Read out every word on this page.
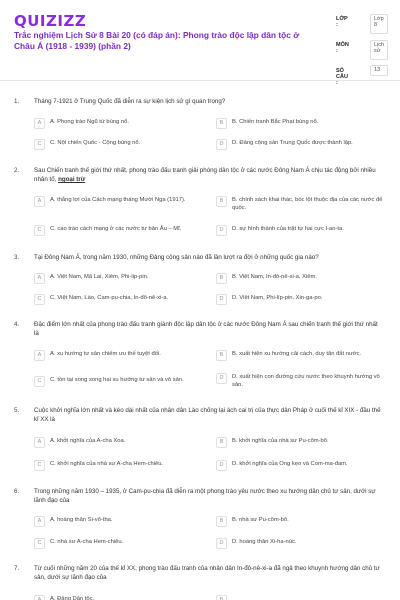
QUIZIZZ
Trắc nghiệm Lịch Sử 8 Bài 20 (có đáp án): Phong trào độc lập dân tộc ở Châu Á (1918 - 1939) (phần 2)
LỚP :
Lớp 8
MÔN :
Lịch sử
SỐ CÂU :
13
1. Tháng 7-1921 ở Trung Quốc đã diễn ra sự kiện lịch sử gì quan trọng?
A	A. Phong trào Ngũ tứ bùng nổ.	B	B. Chiến tranh Bắc Phạt bùng nổ.
C	C. Nội chiến Quốc - Cộng bùng nổ.	D	D. Đảng cộng sản Trung Quốc được thành lập.
2. Sau Chiến tranh thế giới thứ nhất, phong trào đấu tranh giải phóng dân tộc ở các nước Đông Nam Á chịu tác động bởi nhiều nhân tố, ngoại trừ
A	A. thắng lợi của Cách mạng tháng Mười Nga (1917).	B	B. chính sách khai thác, bóc lột thuộc địa của các nước đế quốc.
C	C. cao trào cách mạng ở các nước tư bản Âu – Mĩ.	D	D. sự hình thành của trật tự hai cực I-an-ta.
3. Tại Đông Nam Á, trong năm 1930, những Đảng cộng sản nào đã lần lượt ra đời ở những quốc gia nào?
A	A. Việt Nam, Mã Lai, Xiêm, Phi-lip-pin.	B	B. Việt Nam, In-đô-nê-xi-a, Xiêm.
C	C. Việt Nam, Lào, Cam-pu-chia, In-đô-nê-xi-a.	D	D. Việt Nam, Phi-líp-pin, Xin-ga-po.
4. Đặc điểm lớn nhất của phong trào đấu tranh giành độc lập dân tộc ở các nước Đông Nam Á sau chiến tranh thế giới thứ nhất là
A	A. xu hướng tư sản chiếm ưu thế tuyệt đối.	B	B. xuất hiện xu hướng cải cách, duy tân đất nước.
C	C. tồn tại song song hai xu hướng tư sản và vô sản.	D	D. xuất hiện con đường cứu nước theo khuynh hướng vô sản.
5. Cuộc khởi nghĩa lớn nhất và kéo dài nhất của nhân dân Lào chống lại ách cai trị của thực dân Pháp ở cuối thế kỉ XIX - đầu thế kỉ XX là
A	A. khởi nghĩa của A-cha Xoa.	B	B. khởi nghĩa của nhà sư Pu-côm-bô.
C	C. khởi nghĩa của nhà sư A-cha Hem-chiêu.	D	D. khởi nghĩa của Ong kẹo và Com-ma-đam.
6. Trong những năm 1930 – 1935, ở Cam-pu-chia đã diễn ra một phong trào yêu nước theo xu hướng dân chủ tư sản, dưới sự lãnh đạo của
A	A. hoàng thân Si-vô-tha.	B	B. nhà sư Pu-côm-bô.
C	C. nhà sư A-cha Hem-chiêu.	D	D. hoàng thân Xi-ha-núc.
7. Từ cuối những năm 20 của thế kỉ XX, phong trào đấu tranh của nhân dân In-đô-nê-xi-a đã ngả theo khuynh hướng dân chủ tư sản, dưới sự lãnh đạo của
A	A. Đảng Dân tộc.	B
